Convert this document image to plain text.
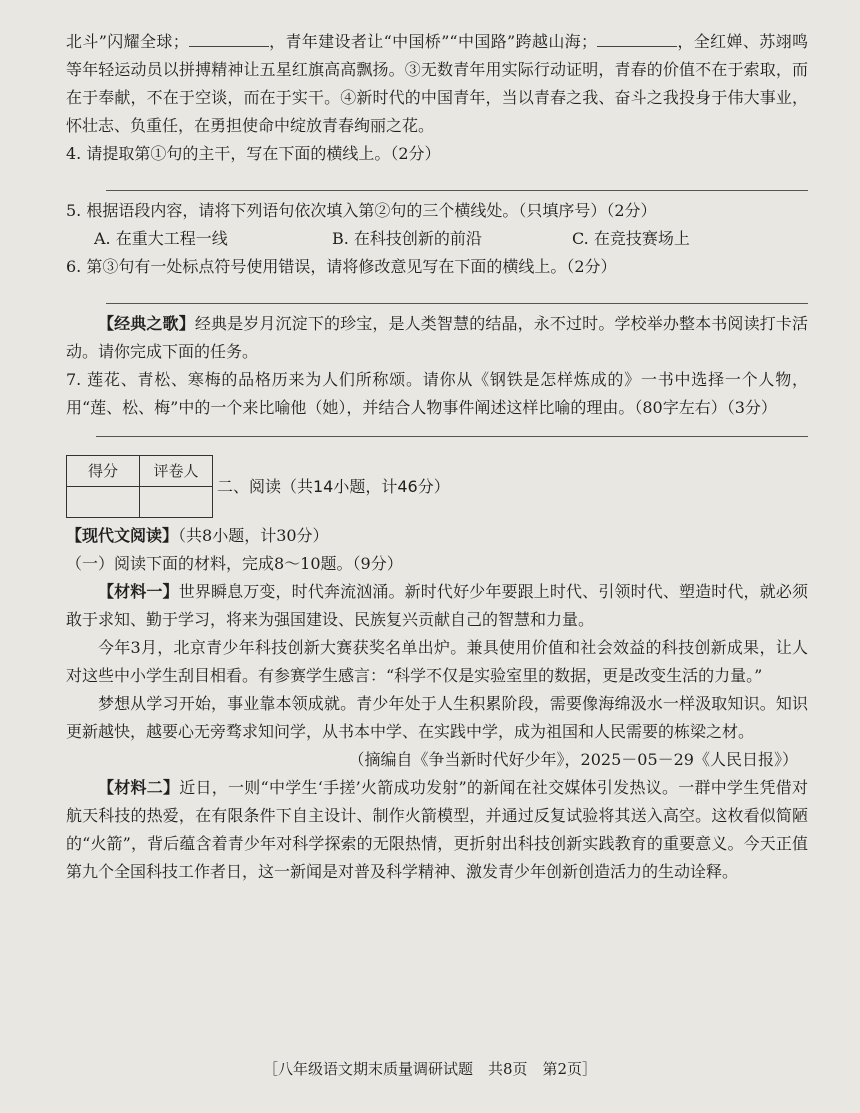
北斗”闪耀全球；	，青年建设者让“中国桥”“中国路”跨越山海；	，全红婵、苏翊鸣等年轻运动员以拼搏精神让五星红旗高高飘扬。③无数青年用实际行动证明，青春的价值不在于索取，而在于奉献，不在于空谈，而在于实干。④新时代的中国青年，当以青春之我、奋斗之我投身于伟大事业，怀壮志、负重任，在勇担使命中绽放青春绚丽之花。

4. 请提取第①句的主干，写在下面的横线上。（2分）

5. 根据语段内容，请将下列语句依次填入第②句的三个横线处。（只填序号）（2分）

A. 在重大工程一线	B. 在科技创新的前沿	C. 在竞技赛场上

6. 第③句有一处标点符号使用错误，请将修改意见写在下面的横线上。（2分）

【经典之歌】经典是岁月沉淀下的珍宝，是人类智慧的结晶，永不过时。学校举办整本书阅读打卡活动。请你完成下面的任务。

7. 莲花、青松、寒梅的品格历来为人们所称颂。请你从《钢铁是怎样炼成的》一书中选择一个人物，用“莲、松、梅”中的一个来比喻他（她），并结合人物事件阐述这样比喻的理由。（80字左右）（3分）

得分	评卷人

二、阅读（共14小题，计46分）

【现代文阅读】（共8小题，计30分）

（一）阅读下面的材料，完成8～10题。（9分）

【材料一】世界瞬息万变，时代奔流汹涌。新时代好少年要跟上时代、引领时代、塑造时代，就必须敢于求知、勤于学习，将来为强国建设、民族复兴贡献自己的智慧和力量。

今年3月，北京青少年科技创新大赛获奖名单出炉。兼具使用价值和社会效益的科技创新成果，让人对这些中小学生刮目相看。有参赛学生感言：“科学不仅是实验室里的数据，更是改变生活的力量。”

梦想从学习开始，事业靠本领成就。青少年处于人生积累阶段，需要像海绵汲水一样汲取知识。知识更新越快，越要心无旁骛求知问学，从书本中学、在实践中学，成为祖国和人民需要的栋梁之材。

（摘编自《争当新时代好少年》，2025－05－29《人民日报》）

【材料二】近日，一则“中学生‘手搓’火箭成功发射”的新闻在社交媒体引发热议。一群中学生凭借对航天科技的热爱，在有限条件下自主设计、制作火箭模型，并通过反复试验将其送入高空。这枚看似简陋的“火箭”，背后蕴含着青少年对科学探索的无限热情，更折射出科技创新实践教育的重要意义。今天正值第九个全国科技工作者日，这一新闻是对普及科学精神、激发青少年创新创造活力的生动诠释。

［八年级语文期末质量调研试题　共8页　第2页］
